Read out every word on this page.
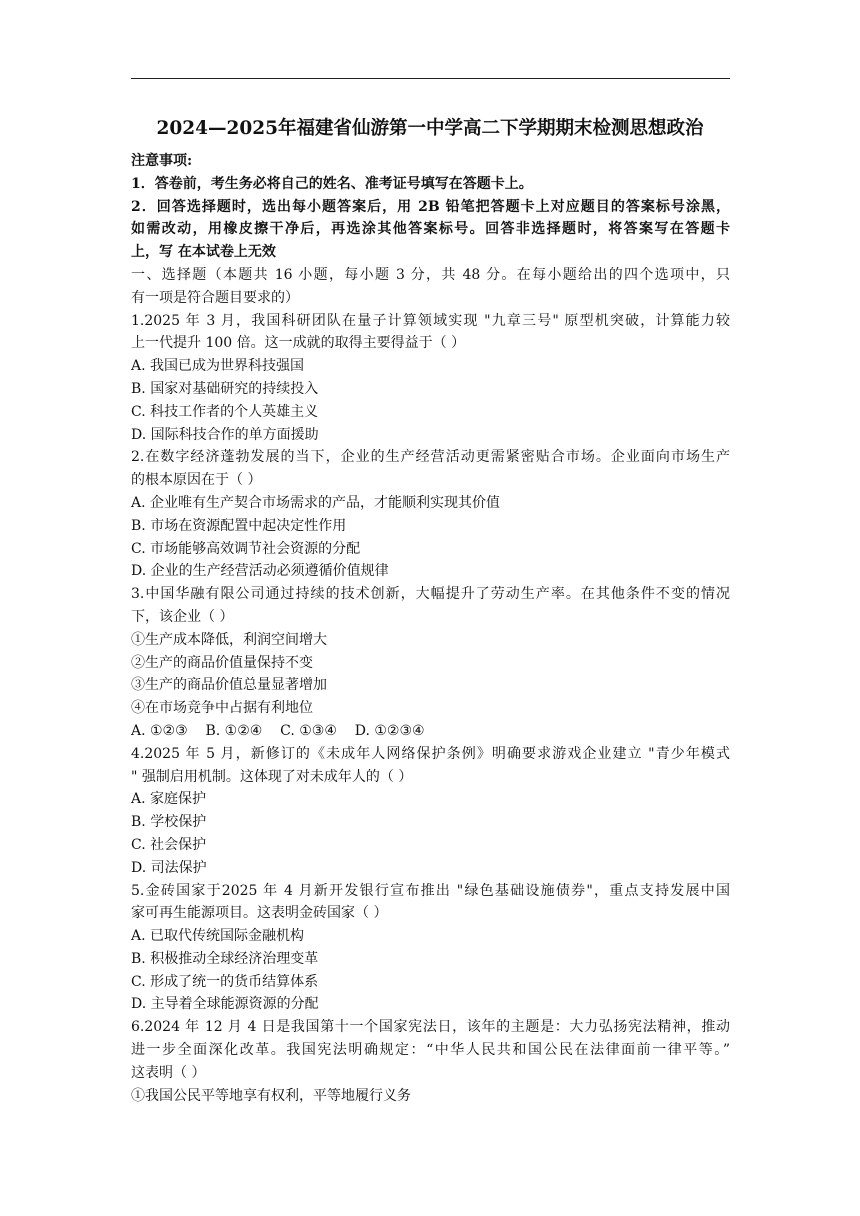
2024—2025年福建省仙游第一中学高二下学期期末检测思想政治
注意事项:
1．答卷前，考生务必将自己的姓名、准考证号填写在答题卡上。
2．回答选择题时，选出每小题答案后，用 2B 铅笔把答题卡上对应题目的答案标号涂黑，
如需改动，用橡皮擦干净后，再选涂其他答案标号。回答非选择题时，将答案写在答题卡
上，写 在本试卷上无效
一、选择题（本题共 16 小题，每小题 3 分，共 48 分。在每小题给出的四个选项中，只
有一项是符合题目要求的）
1.2025 年 3 月，我国科研团队在量子计算领域实现 "九章三号" 原型机突破，计算能力较
上一代提升 100 倍。这一成就的取得主要得益于（ ）
A. 我国已成为世界科技强国
B. 国家对基础研究的持续投入
C. 科技工作者的个人英雄主义
D. 国际科技合作的单方面援助
2.在数字经济蓬勃发展的当下，企业的生产经营活动更需紧密贴合市场。企业面向市场生产
的根本原因在于（ ）
A. 企业唯有生产契合市场需求的产品，才能顺利实现其价值
B. 市场在资源配置中起决定性作用
C. 市场能够高效调节社会资源的分配
D. 企业的生产经营活动必须遵循价值规律
3.中国华融有限公司通过持续的技术创新，大幅提升了劳动生产率。在其他条件不变的情况
下，该企业（ ）
①生产成本降低，利润空间增大
②生产的商品价值量保持不变
③生产的商品价值总量显著增加
④在市场竞争中占据有利地位
A. ①②③ B. ①②④ C. ①③④ D. ①②③④
4.2025 年 5 月，新修订的《未成年人网络保护条例》明确要求游戏企业建立 "青少年模式
" 强制启用机制。这体现了对未成年人的（ ）
A. 家庭保护
B. 学校保护
C. 社会保护
D. 司法保护
5.金砖国家于2025 年 4 月新开发银行宣布推出 "绿色基础设施债券"，重点支持发展中国
家可再生能源项目。这表明金砖国家（ ）
A. 已取代传统国际金融机构
B. 积极推动全球经济治理变革
C. 形成了统一的货币结算体系
D. 主导着全球能源资源的分配
6.2024 年 12 月 4 日是我国第十一个国家宪法日，该年的主题是：大力弘扬宪法精神，推动
进一步全面深化改革。我国宪法明确规定：“中华人民共和国公民在法律面前一律平等。”
这表明（ ）
①我国公民平等地享有权利，平等地履行义务
